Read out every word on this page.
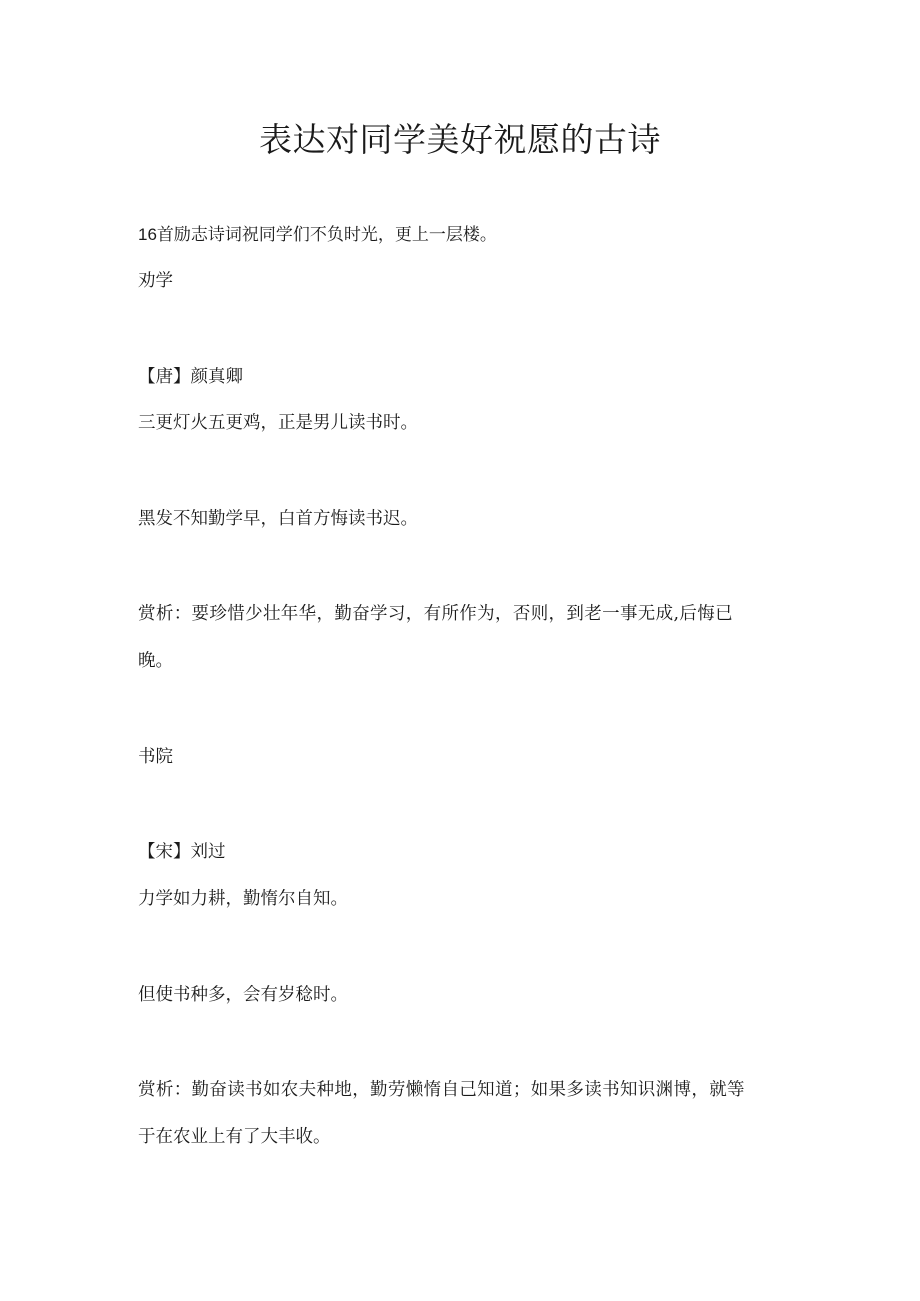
表达对同学美好祝愿的古诗

16首励志诗词祝同学们不负时光，更上一层楼。

劝学

【唐】颜真卿

三更灯火五更鸡，正是男儿读书时。

黑发不知勤学早，白首方悔读书迟。

赏析：要珍惜少壮年华，勤奋学习，有所作为，否则，到老一事无成,后悔已

晚。

书院

【宋】刘过

力学如力耕，勤惰尔自知。

但使书种多，会有岁稔时。

赏析：勤奋读书如农夫种地，勤劳懒惰自己知道；如果多读书知识渊博，就等

于在农业上有了大丰收。
